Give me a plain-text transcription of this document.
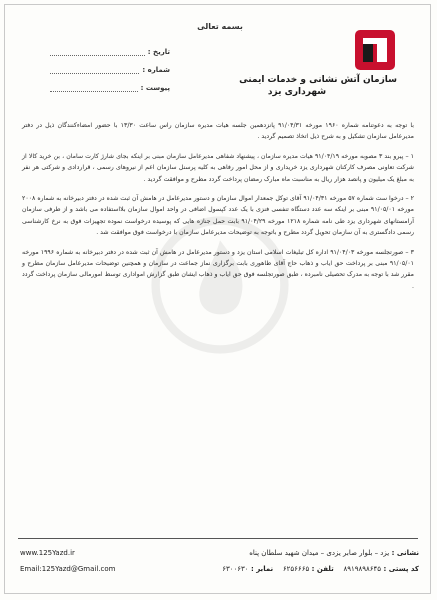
بسمه تعالی
تاریخ :
شماره :
پیوست :
سازمان آتش نشانی و خدمات ایمنی
شهرداری یزد

با توجه به دعوتنامه شماره ۱۹۶۰ مورخه ۹۱/۰۴/۳۱ پانزدهمین جلسه هیات مدیره سازمان راس ساعت ۱۳/۳۰ با حضور امضاءکنندگان ذیل در دفتر مدیرعامل سازمان تشکیل و به شرح ذیل اتخاذ تصمیم گردید .

۱ – پیرو بند ۳ مصوبه مورخه ۹۱/۰۴/۱۹ هیات مدیره سازمان ، پیشنهاد شفاهی مدیرعامل سازمان مبنی بر اینکه بجای شارژ کارت سامان ، بن خرید کالا از شرکت تعاونی مصرف کارکنان شهرداری یزد خریداری و از محل امور رفاهی به کلیه پرسنل سازمان اعم از نیروهای رسمی ، قراردادی و شرکتی هر نفر به مبلغ یک میلیون و پانصد هزار ریال به مناسبت ماه مبارک رمضان پرداخت گردد مطرح و موافقت گردید .

۲ – درخوا ست شماره ۵۷ مورخه ۹۱/۰۴/۳۱ آقای توکل جمعدار اموال سازمان و دستور مدیرعامل در هامش آن ثبت شده در دفتر دبیرخانه به شماره ۲۰۰۸ مورخه ۹۱/۰۵/۰۱ مبنی بر اینکه سه عدد دستگاه تنفسی فنزی با یک عدد کپسول اضافی در واحد اموال سازمان بلااستفاده می باشد و از طرفی سازمان آرامستانهای شهرداری یزد طی نامه شماره ۱۲۱۸ مورخه ۹۱/۰۴/۲۹ بابت حمل جنازه هایی که پوسیده درخواست نموده تجهیزات فوق به نرخ کارشناسی رسمی دادگستری به آن سازمان تحویل گردد مطرح و باتوجه به توضیحات مدیرعامل سازمان با درخواست فوق موافقت شد .

۳ – صورتجلسه مورخه ۹۱/۰۴/۰۳ اداره کل تبلیغات اسلامی استان یزد و دستور مدیرعامل در هامش آن ثبت شده در دفتر دبیرخانه به شماره ۱۹۹۶ مورخه ۹۱/۰۵/۰۱ مبنی بر پرداخت حق ایاب و ذهاب حاج آقای طاهوری بابت برگزاری نماز جماعت در سازمان و همچنین توضیحات مدیرعامل سازمان مطرح و مقرر شد با توجه به مدرک تحصیلی نامبرده ، طبق صورتجلسه فوق حق ایاب و ذهاب ایشان طبق گزارش امواداری توسط امورمالی سازمان پرداخت گردد .

www.125Yazd.ir
Email:125Yazd@Gmail.com
نشانی : یزد – بلوار صابر یزدی – میدان شهید سلطان پناه
کد پستی : ۸۹۱۹۸۹۸۶۴۵    تلفن : ۶۲۵۶۶۶۵    نمابر : ۶۳۰۰۶۳۰
